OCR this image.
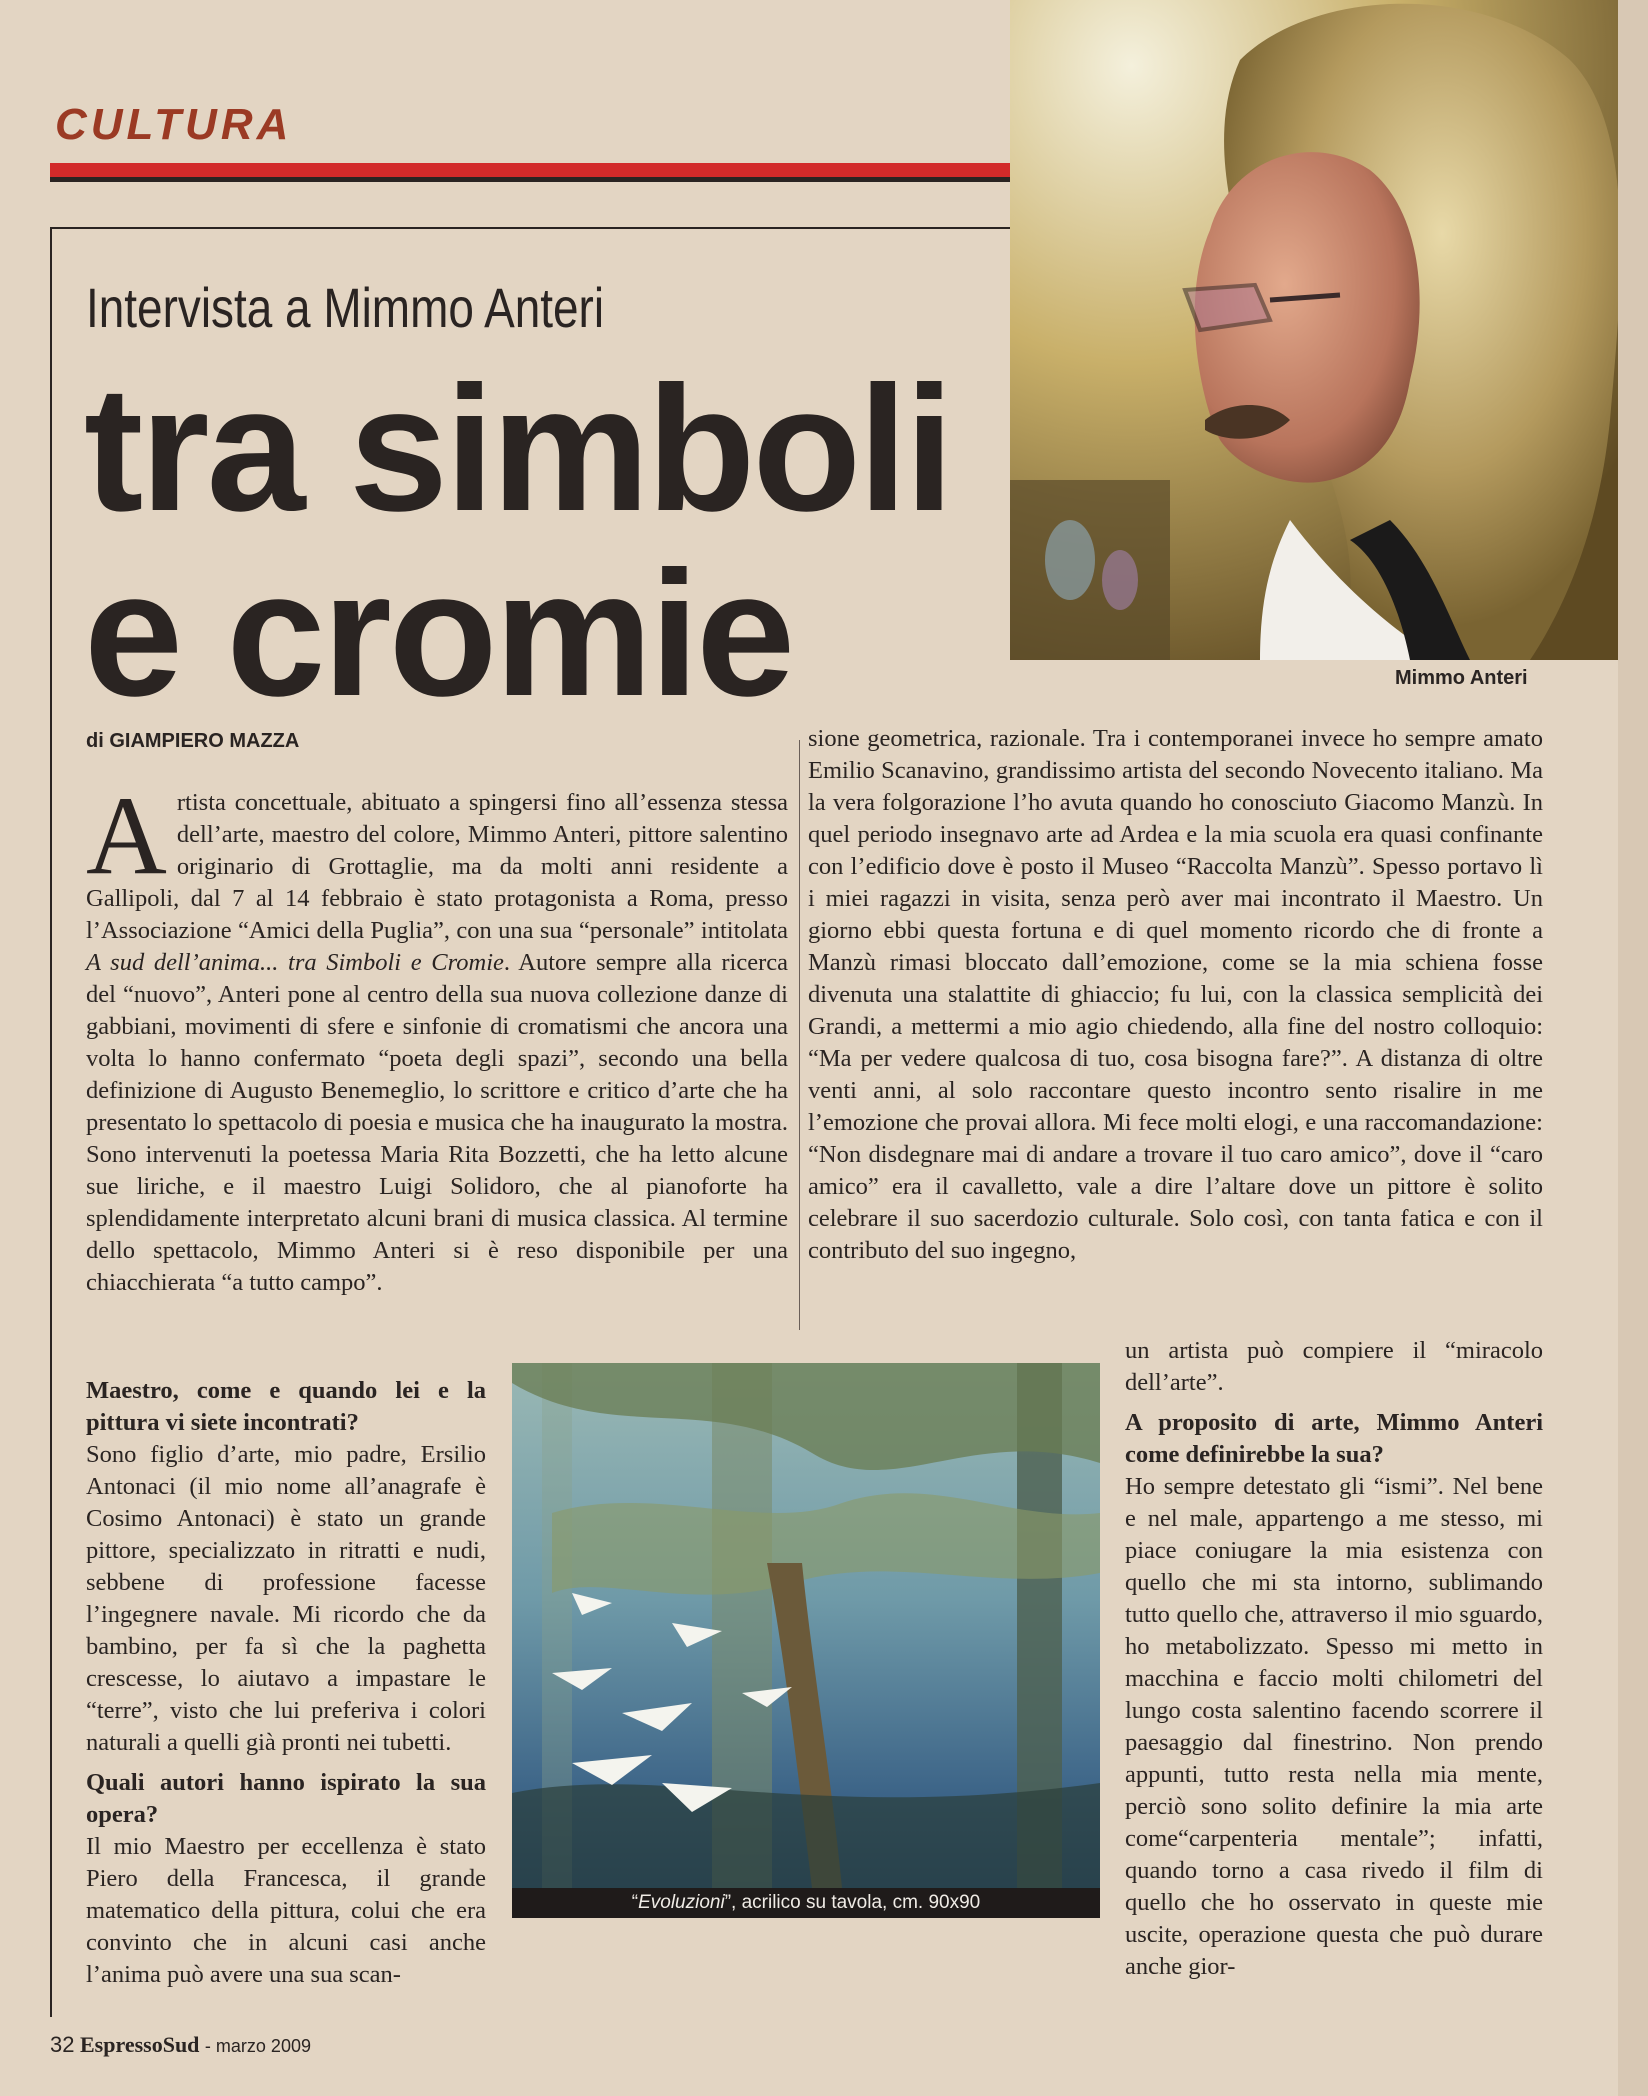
CULTURA
Mimmo Anteri
Intervista a Mimmo Anteri
tra simboli
e cromie
di GIAMPIERO MAZZA

Artista concettuale, abituato a spingersi fino all’essenza stessa dell’arte, maestro del colore, Mimmo Anteri, pittore salentino originario di Grottaglie, ma da molti anni residente a Gallipoli, dal 7 al 14 febbraio è stato protagonista a Roma, presso l’Associazione “Amici della Puglia”, con una sua “personale” intitolata A sud dell’anima... tra Simboli e Cromie. Autore sempre alla ricerca del “nuovo”, Anteri pone al centro della sua nuova collezione danze di gabbiani, movimenti di sfere e sinfonie di cromatismi che ancora una volta lo hanno confermato “poeta degli spazi”, secondo una bella definizione di Augusto Benemeglio, lo scrittore e critico d’arte che ha presentato lo spettacolo di poesia e musica che ha inaugurato la mostra. Sono intervenuti la poetessa Maria Rita Bozzetti, che ha letto alcune sue liriche, e il maestro Luigi Solidoro, che al pianoforte ha splendidamente interpretato alcuni brani di musica classica. Al termine dello spettacolo, Mimmo Anteri si è reso disponibile per una chiacchierata “a tutto campo”.

Maestro, come e quando lei e la pittura vi siete incontrati?

Sono figlio d’arte, mio padre, Ersilio Antonaci (il mio nome all’anagrafe è Cosimo Antonaci) è stato un grande pittore, specializzato in ritratti e nudi, sebbene di professione facesse l’ingegnere navale. Mi ricordo che da bambino, per fa sì che la paghetta crescesse, lo aiutavo a impastare le “terre”, visto che lui preferiva i colori naturali a quelli già pronti nei tubetti.

Quali autori hanno ispirato la sua opera?

Il mio Maestro per eccellenza è stato Piero della Francesca, il grande matematico della pittura, colui che era convinto che in alcuni casi anche l’anima può avere una sua scan-

sione geometrica, razionale. Tra i contemporanei invece ho sempre amato Emilio Scanavino, grandissimo artista del secondo Novecento italiano. Ma la vera folgorazione l’ho avuta quando ho conosciuto Giacomo Manzù. In quel periodo insegnavo arte ad Ardea e la mia scuola era quasi confinante con l’edificio dove è posto il Museo “Raccolta Manzù”. Spesso portavo lì i miei ragazzi in visita, senza però aver mai incontrato il Maestro. Un giorno ebbi questa fortuna e di quel momento ricordo che di fronte a Manzù rimasi bloccato dall’emozione, come se la mia schiena fosse divenuta una stalattite di ghiaccio; fu lui, con la classica semplicità dei Grandi, a mettermi a mio agio chiedendo, alla fine del nostro colloquio: “Ma per vedere qualcosa di tuo, cosa bisogna fare?”. A distanza di oltre venti anni, al solo raccontare questo incontro sento risalire in me l’emozione che provai allora. Mi fece molti elogi, e una raccomandazione: “Non disdegnare mai di andare a trovare il tuo caro amico”, dove il “caro amico” era il cavalletto, vale a dire l’altare dove un pittore è solito celebrare il suo sacerdozio culturale. Solo così, con tanta fatica e con il contributo del suo ingegno,

un artista può compiere il “miracolo dell’arte”.

A proposito di arte, Mimmo Anteri come definirebbe la sua?

Ho sempre detestato gli “ismi”. Nel bene e nel male, appartengo a me stesso, mi piace coniugare la mia esistenza con quello che mi sta intorno, sublimando tutto quello che, attraverso il mio sguardo, ho metabolizzato. Spesso mi metto in macchina e faccio molti chilometri del lungo costa salentino facendo scorrere il paesaggio dal finestrino. Non prendo appunti, tutto resta nella mia mente, perciò sono solito definire la mia arte come“carpenteria mentale”; infatti, quando torno a casa rivedo il film di quello che ho osservato in queste mie uscite, operazione questa che può durare anche gior-

“Evoluzioni”, acrilico su tavola, cm. 90x90
32 EspressoSud - marzo 2009
